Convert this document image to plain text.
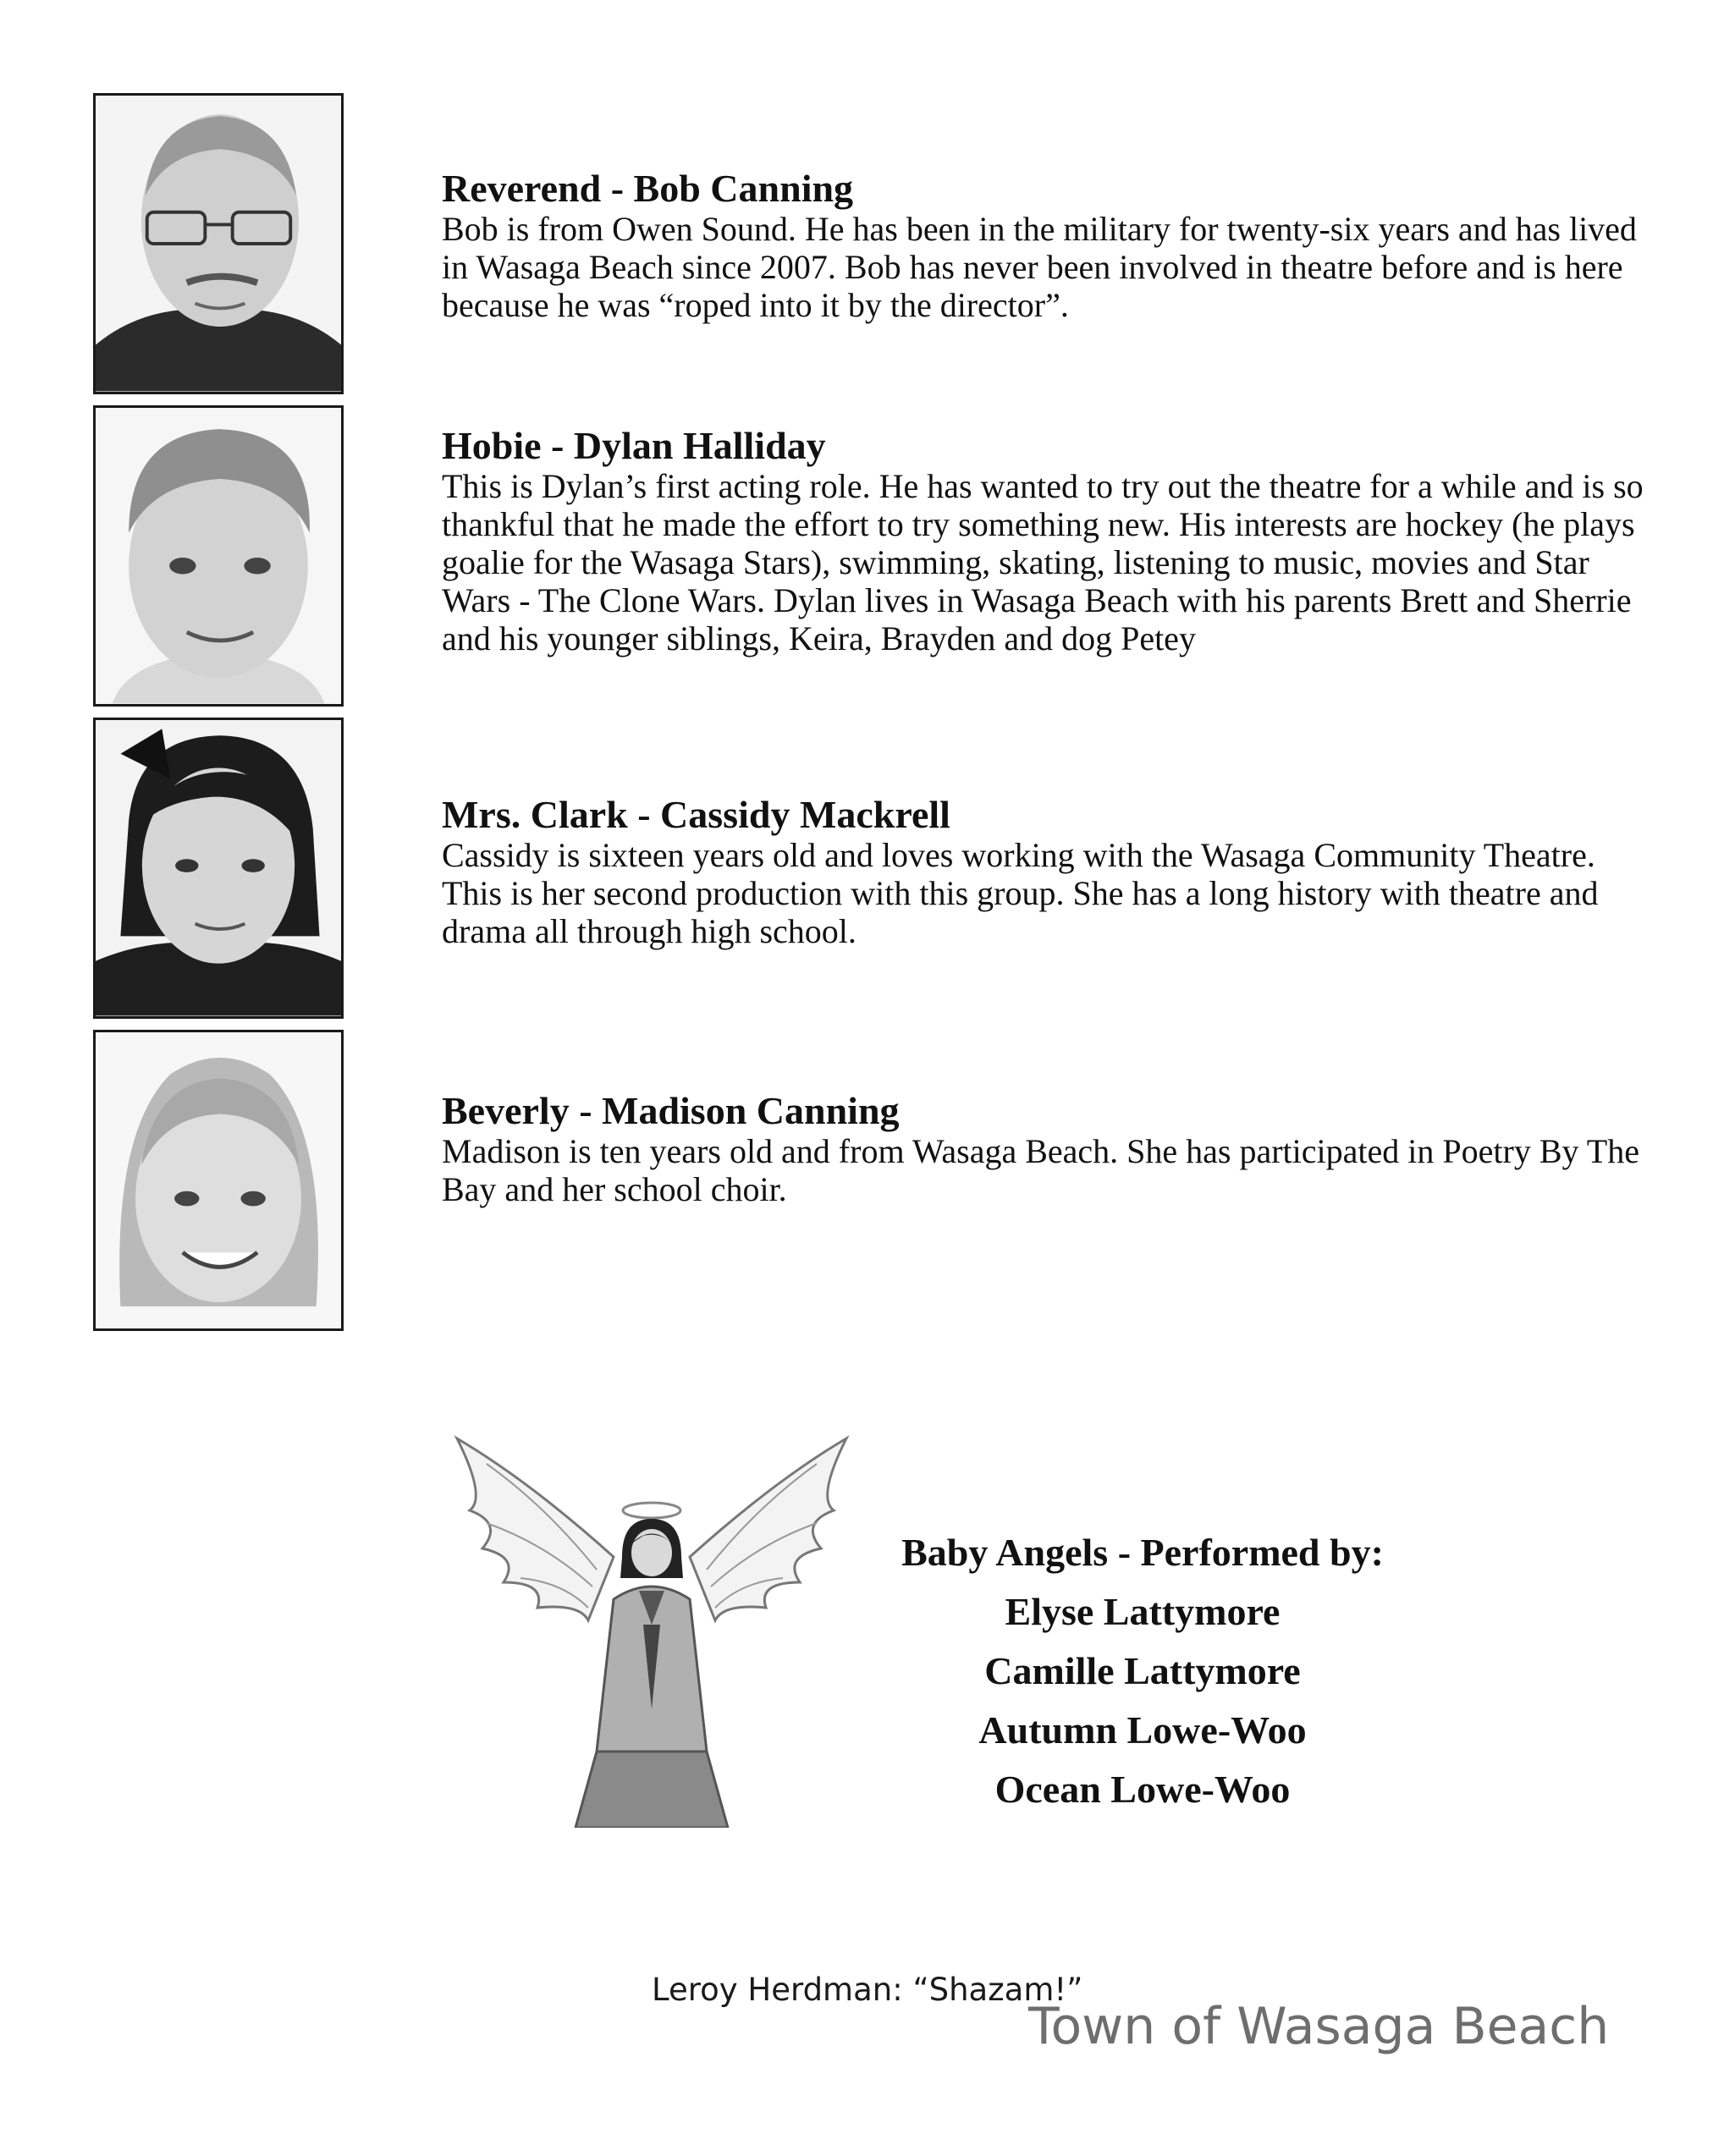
Reverend - Bob Canning

Bob is from Owen Sound. He has been in the military for twenty-six years and has lived in Wasaga Beach since 2007. Bob has never been involved in theatre before and is here because he was “roped into it by the director”.

Hobie - Dylan Halliday

This is Dylan’s first acting role. He has wanted to try out the theatre for a while and is so thankful that he made the effort to try something new. His interests are hockey (he plays goalie for the Wasaga Stars), swimming, skating, listening to music, movies and Star Wars - The Clone Wars. Dylan lives in Wasaga Beach with his parents Brett and Sherrie and his younger siblings, Keira, Brayden and dog Petey

Mrs. Clark - Cassidy Mackrell

Cassidy is sixteen years old and loves working with the Wasaga Community Theatre. This is her second production with this group. She has a long history with theatre and drama all through high school.

Beverly - Madison Canning

Madison is ten years old and from Wasaga Beach. She has participated in Poetry By The Bay and her school choir.

Baby Angels - Performed by:
Elyse Lattymore
Camille Lattymore
Autumn Lowe-Woo
Ocean Lowe-Woo
Leroy Herdman: “Shazam!”
Town of Wasaga Beach
